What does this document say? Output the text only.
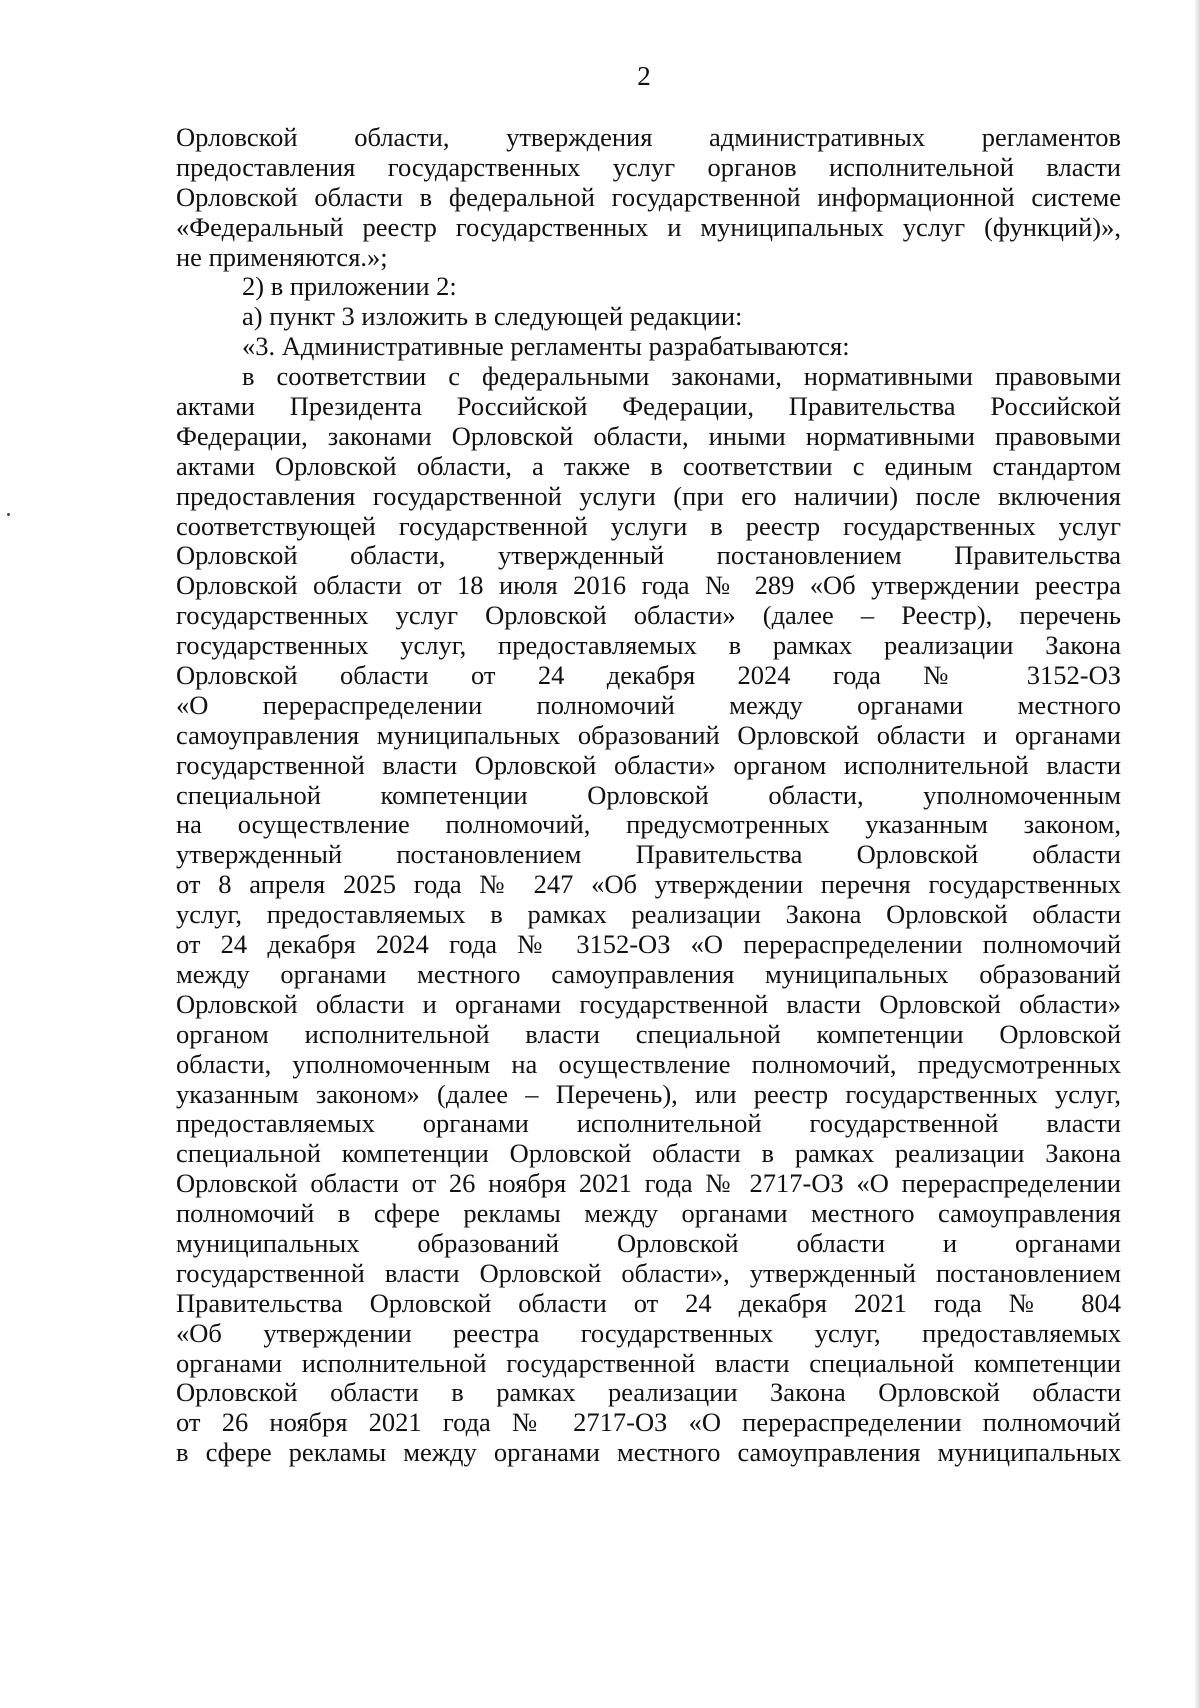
2
Орловской области, утверждения административных регламентов
предоставления государственных услуг органов исполнительной власти
Орловской области в федеральной государственной информационной системе
«Федеральный реестр государственных и муниципальных услуг (функций)»,
не применяются.»;
2) в приложении 2:
а) пункт 3 изложить в следующей редакции:
«3. Административные регламенты разрабатываются:
в соответствии с федеральными законами, нормативными правовыми
актами Президента Российской Федерации, Правительства Российской
Федерации, законами Орловской области, иными нормативными правовыми
актами Орловской области, а также в соответствии с единым стандартом
предоставления государственной услуги (при его наличии) после включения
соответствующей государственной услуги в реестр государственных услуг
Орловской области, утвержденный постановлением Правительства
Орловской области от 18 июля 2016 года № 289 «Об утверждении реестра
государственных услуг Орловской области» (далее – Реестр), перечень
государственных услуг, предоставляемых в рамках реализации Закона
Орловской области от 24 декабря 2024 года № 3152-ОЗ
«О перераспределении полномочий между органами местного
самоуправления муниципальных образований Орловской области и органами
государственной власти Орловской области» органом исполнительной власти
специальной компетенции Орловской области, уполномоченным
на осуществление полномочий, предусмотренных указанным законом,
утвержденный постановлением Правительства Орловской области
от 8 апреля 2025 года № 247 «Об утверждении перечня государственных
услуг, предоставляемых в рамках реализации Закона Орловской области
от 24 декабря 2024 года № 3152-ОЗ «О перераспределении полномочий
между органами местного самоуправления муниципальных образований
Орловской области и органами государственной власти Орловской области»
органом исполнительной власти специальной компетенции Орловской
области, уполномоченным на осуществление полномочий, предусмотренных
указанным законом» (далее – Перечень), или реестр государственных услуг,
предоставляемых органами исполнительной государственной власти
специальной компетенции Орловской области в рамках реализации Закона
Орловской области от 26 ноября 2021 года № 2717-ОЗ «О перераспределении
полномочий в сфере рекламы между органами местного самоуправления
муниципальных образований Орловской области и органами
государственной власти Орловской области», утвержденный постановлением
Правительства Орловской области от 24 декабря 2021 года № 804
«Об утверждении реестра государственных услуг, предоставляемых
органами исполнительной государственной власти специальной компетенции
Орловской области в рамках реализации Закона Орловской области
от 26 ноября 2021 года № 2717-ОЗ «О перераспределении полномочий
в сфере рекламы между органами местного самоуправления муниципальных
